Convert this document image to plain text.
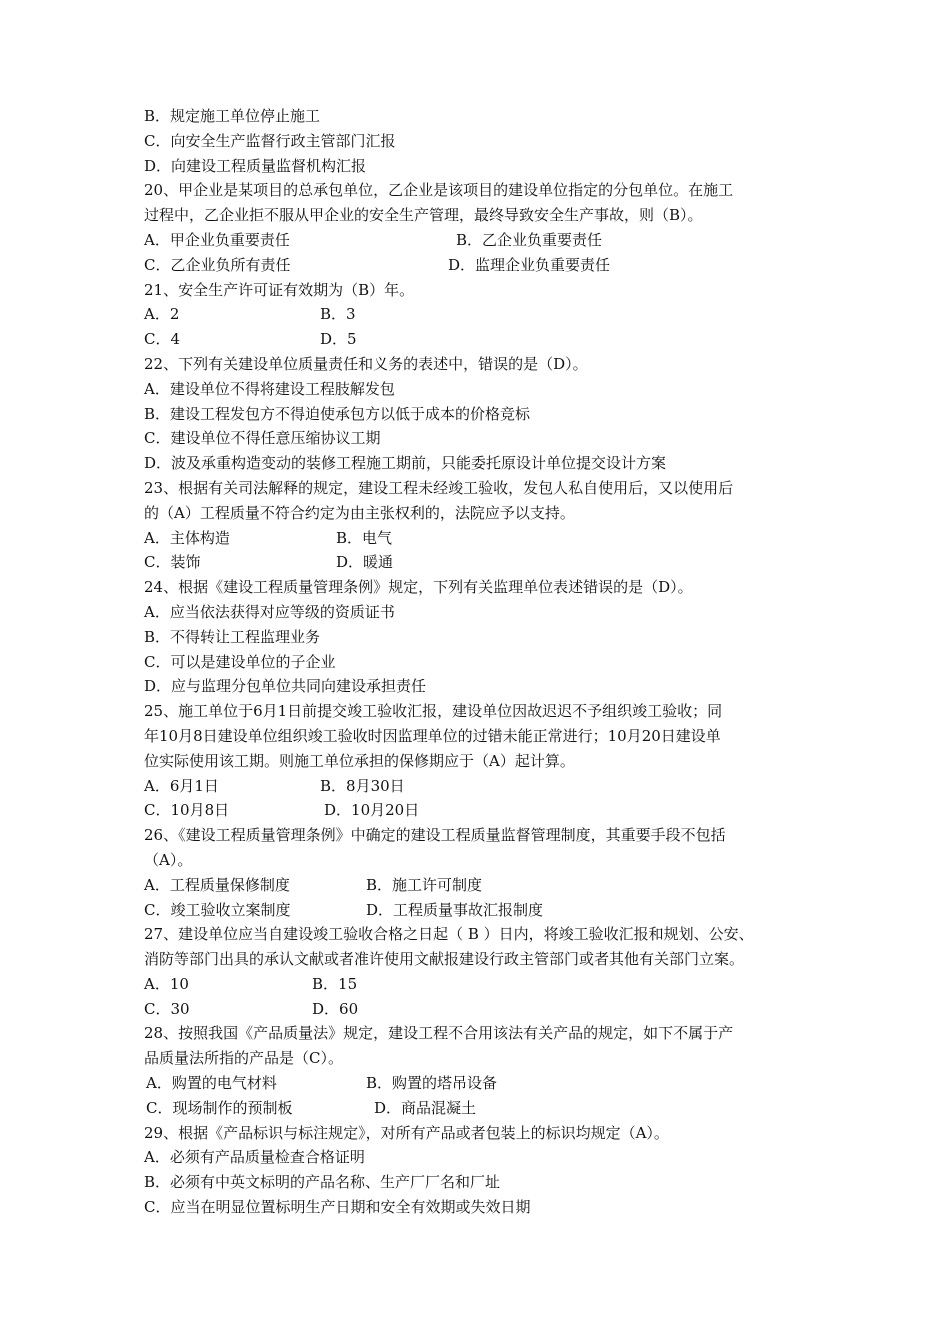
B．规定施工单位停止施工
C．向安全生产监督行政主管部门汇报
D．向建设工程质量监督机构汇报
20、甲企业是某项目的总承包单位，乙企业是该项目的建设单位指定的分包单位。在施工
过程中，乙企业拒不服从甲企业的安全生产管理，最终导致安全生产事故，则（B）。
A．甲企业负重要责任	B．乙企业负重要责任
C．乙企业负所有责任	D．监理企业负重要责任
21、安全生产许可证有效期为（B）年。
A．2	B．3
C．4	D．5
22、下列有关建设单位质量责任和义务的表述中，错误的是（D）。
A．建设单位不得将建设工程肢解发包
B．建设工程发包方不得迫使承包方以低于成本的价格竞标
C．建设单位不得任意压缩协议工期
D．波及承重构造变动的装修工程施工期前，只能委托原设计单位提交设计方案
23、根据有关司法解释的规定，建设工程未经竣工验收，发包人私自使用后，又以使用后
的（A）工程质量不符合约定为由主张权利的，法院应予以支持。
A．主体构造	B．电气
C．装饰	D．暖通
24、根据《建设工程质量管理条例》规定，下列有关监理单位表述错误的是（D）。
A．应当依法获得对应等级的资质证书
B．不得转让工程监理业务
C．可以是建设单位的子企业
D．应与监理分包单位共同向建设承担责任
25、施工单位于6月1日前提交竣工验收汇报，建设单位因故迟迟不予组织竣工验收；同
年10月8日建设单位组织竣工验收时因监理单位的过错未能正常进行；10月20日建设单
位实际使用该工期。则施工单位承担的保修期应于（A）起计算。
A．6月1日	B．8月30日
C．10月8日	D．10月20日
26、《建设工程质量管理条例》中确定的建设工程质量监督管理制度，其重要手段不包括
（A）。
A．工程质量保修制度	B．施工许可制度
C．竣工验收立案制度	D．工程质量事故汇报制度
27、建设单位应当自建设竣工验收合格之日起（ B ）日内，将竣工验收汇报和规划、公安、
消防等部门出具的承认文献或者准许使用文献报建设行政主管部门或者其他有关部门立案。
A．10	B．15
C．30	D．60
28、按照我国《产品质量法》规定，建设工程不合用该法有关产品的规定，如下不属于产
品质量法所指的产品是（C）。
A．购置的电气材料	B．购置的塔吊设备
C．现场制作的预制板	D．商品混凝土
29、根据《产品标识与标注规定》，对所有产品或者包装上的标识均规定（A）。
A．必须有产品质量检查合格证明
B．必须有中英文标明的产品名称、生产厂厂名和厂址
C．应当在明显位置标明生产日期和安全有效期或失效日期
